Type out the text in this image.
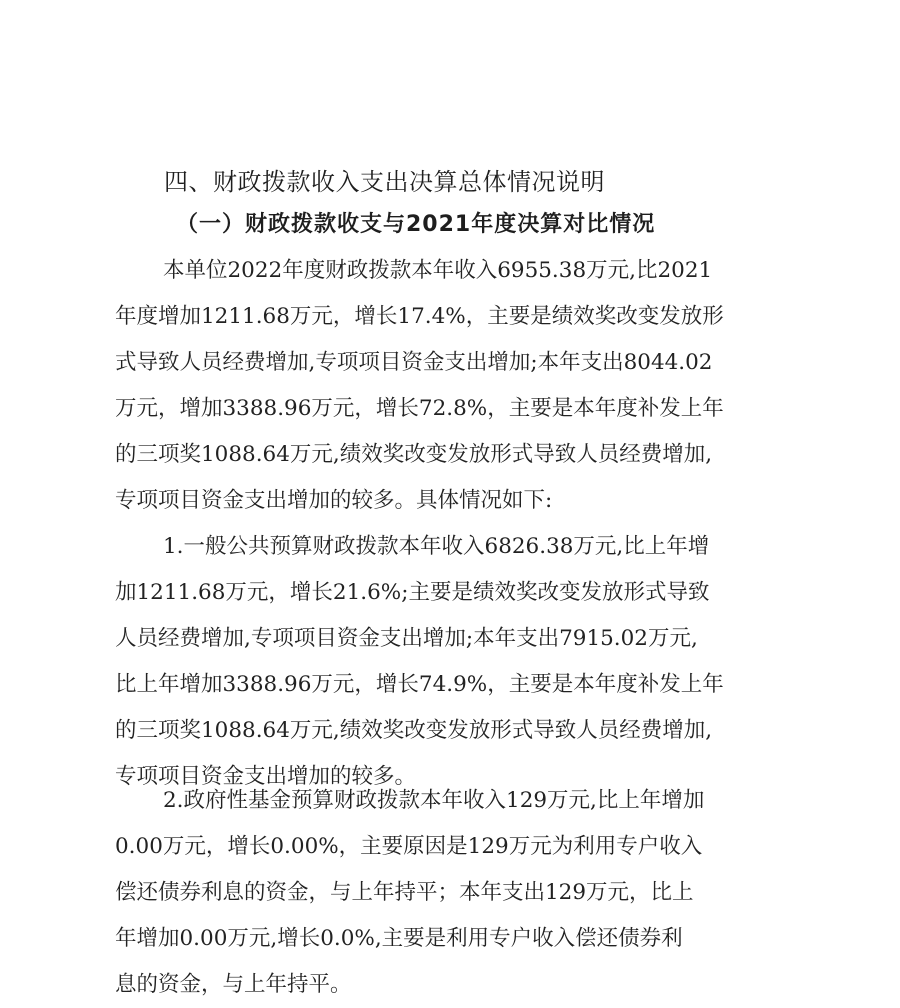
四、财政拨款收入支出决算总体情况说明
（一）财政拨款收支与2021年度决算对比情况
本单位2022年度财政拨款本年收入6955.38万元,比2021
年度增加1211.68万元，增长17.4%，主要是绩效奖改变发放形
式导致人员经费增加,专项项目资金支出增加;本年支出8044.02
万元，增加3388.96万元，增长72.8%，主要是本年度补发上年
的三项奖1088.64万元,绩效奖改变发放形式导致人员经费增加,
专项项目资金支出增加的较多。具体情况如下:
1.一般公共预算财政拨款本年收入6826.38万元,比上年增
加1211.68万元，增长21.6%;主要是绩效奖改变发放形式导致
人员经费增加,专项项目资金支出增加;本年支出7915.02万元,
比上年增加3388.96万元，增长74.9%，主要是本年度补发上年
的三项奖1088.64万元,绩效奖改变发放形式导致人员经费增加,
专项项目资金支出增加的较多。
2.政府性基金预算财政拨款本年收入129万元,比上年增加
0.00万元，增长0.00%，主要原因是129万元为利用专户收入
偿还债券利息的资金，与上年持平；本年支出129万元，比上
年增加0.00万元,增长0.0%,主要是利用专户收入偿还债券利
息的资金，与上年持平。
